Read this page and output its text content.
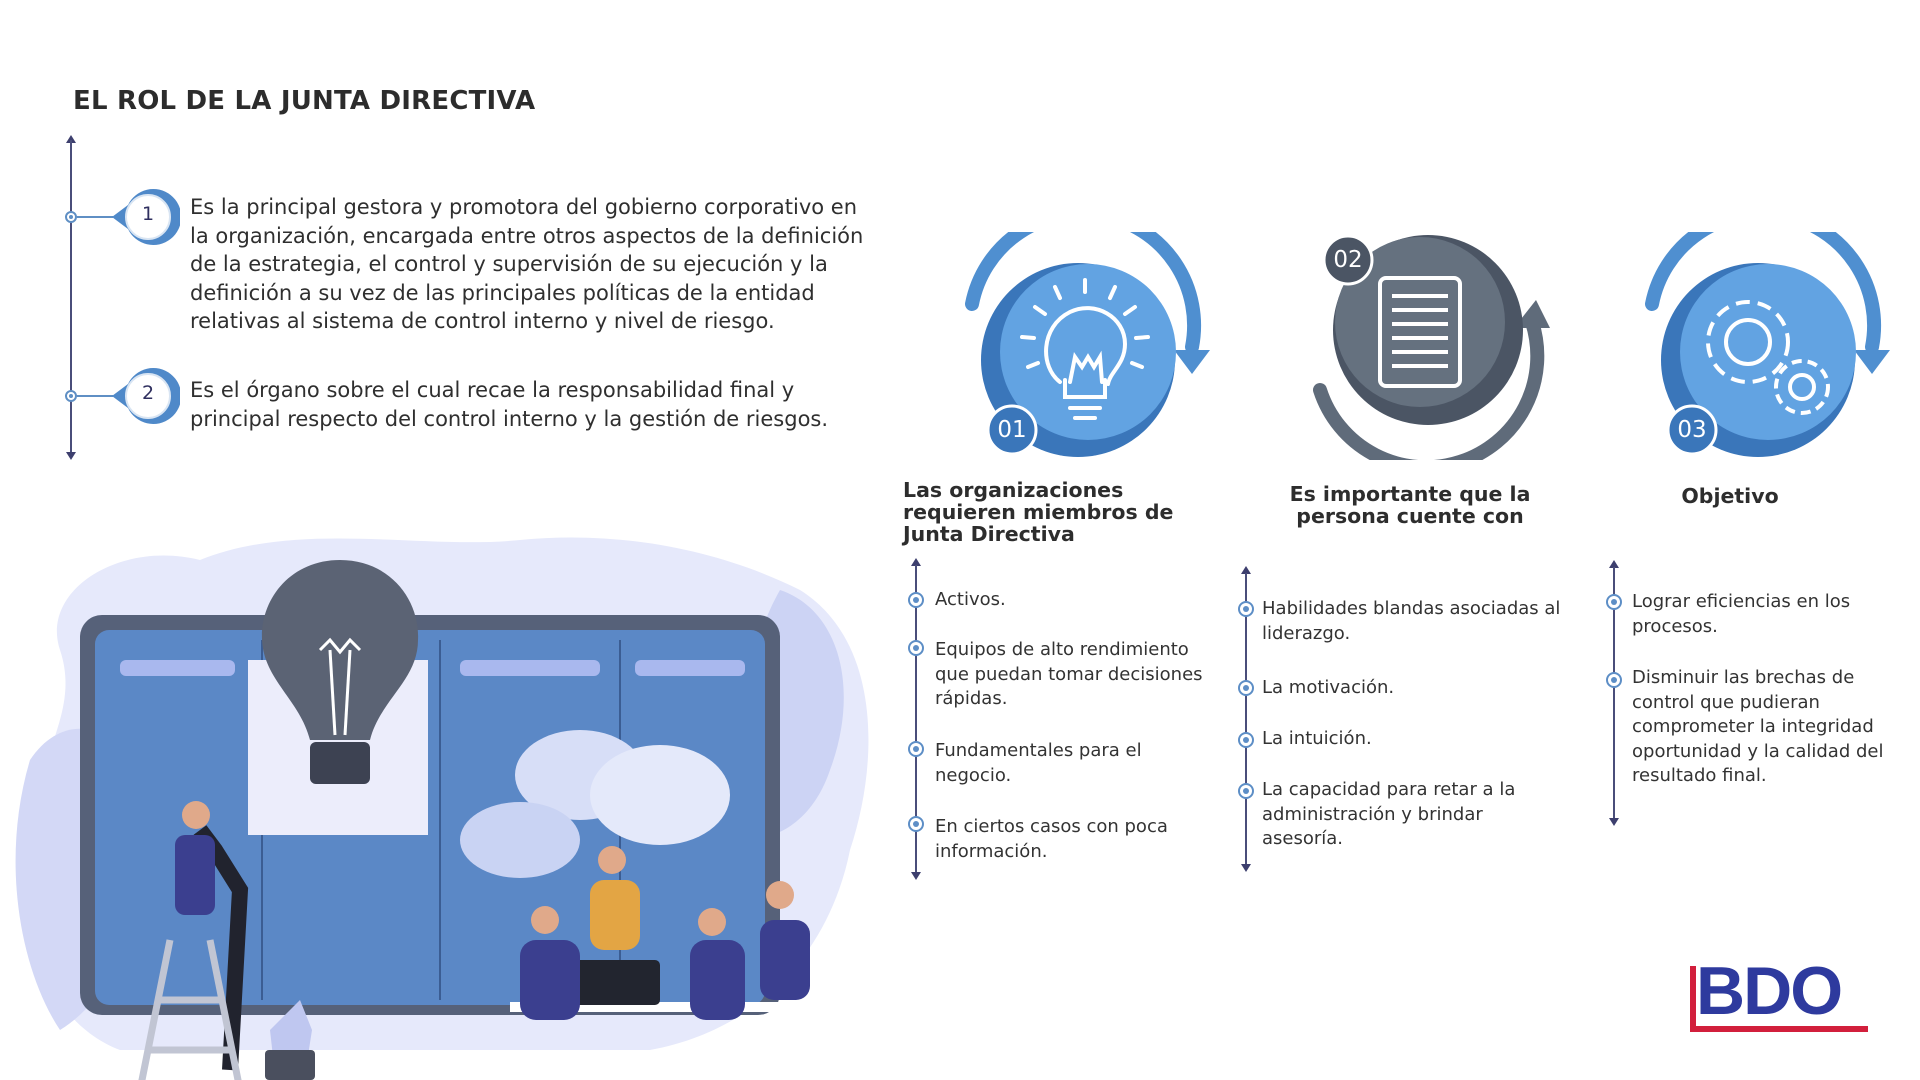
EL ROL DE LA JUNTA DIRECTIVA
1	Es la principal gestora y promotora del gobierno corporativo en la organización, encargada entre otros aspectos de la definición de la estrategia, el control y supervisión de su ejecución y la definición a su vez de las principales políticas de la entidad relativas al sistema de control interno y nivel de riesgo.
2	Es el órgano sobre el cual recae la responsabilidad final y principal respecto del control interno y la gestión de riesgos.	01
02
03
Las organizaciones requieren miembros de Junta Directiva
Es importante que la persona cuente con
Objetivo
Activos.
Equipos de alto rendimiento que puedan tomar decisiones rápidas.
Fundamentales para el negocio.
En ciertos casos con poca información.
Habilidades blandas asociadas al liderazgo.
La motivación.
La intuición.
La capacidad para retar a la administración y brindar asesoría.
Lograr eficiencias en los procesos.
Disminuir las brechas de control que pudieran comprometer la integridad oportunidad y la calidad del resultado final.
BDO
